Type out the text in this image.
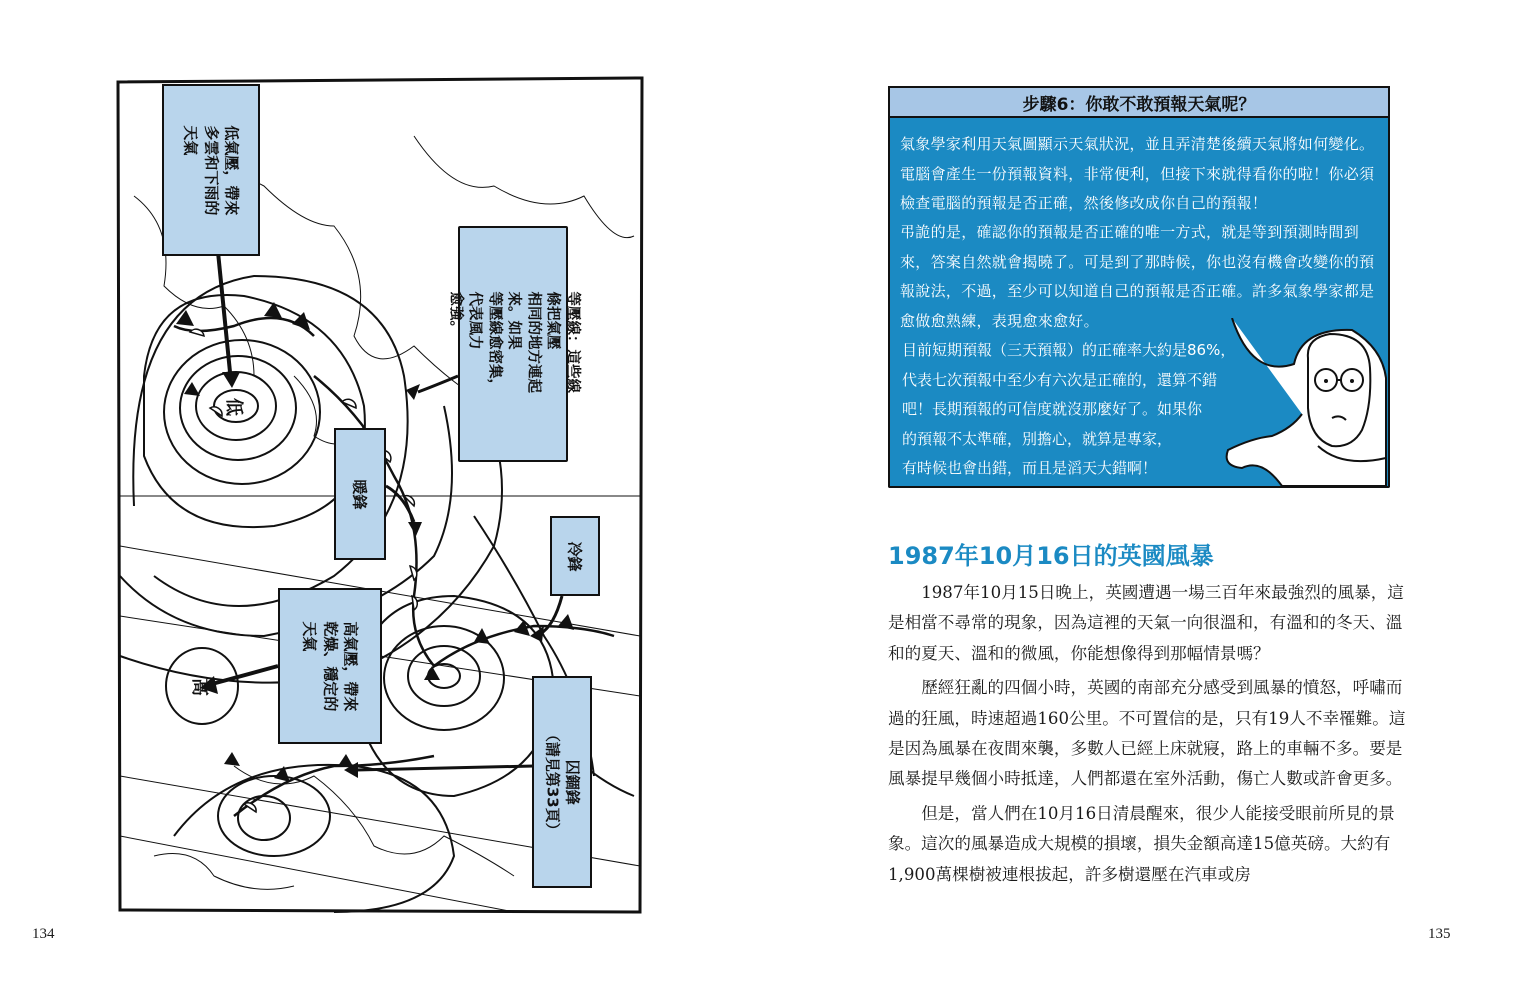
低氣壓，帶來
多雲和下雨的
天氣
等壓線：這些線條把氣壓
相同的地方連起來。如果
等壓線愈密集，代表風力
愈強。
暖鋒
冷鋒
高氣壓，帶來
乾燥、穩定的
天氣
囚錮鋒
（請見第33頁）
低
高
134
步驟6：你敢不敢預報天氣呢？
氣象學家利用天氣圖顯示天氣狀況，並且弄清楚後續天氣將如何變化。電腦會產生一份預報資料，非常便利，但接下來就得看你的啦！你必須檢查電腦的預報是否正確，然後修改成你自己的預報！
弔詭的是，確認你的預報是否正確的唯一方式，就是等到預測時間到來，答案自然就會揭曉了。可是到了那時候，你也沒有機會改變你的預報說法，不過，至少可以知道自己的預報是否正確。許多氣象學家都是愈做愈熟練，表現愈來愈好。
目前短期預報（三天預報）的正確率大約是86%，
代表七次預報中至少有六次是正確的，還算不錯
吧！長期預報的可信度就沒那麼好了。如果你
的預報不太準確，別擔心，就算是專家，
有時候也會出錯，而且是滔天大錯啊！
1987年10月16日的英國風暴

1987年10月15日晚上，英國遭遇一場三百年來最強烈的風暴，這是相當不尋常的現象，因為這裡的天氣一向很溫和，有溫和的冬天、溫和的夏天、溫和的微風，你能想像得到那幅情景嗎？

歷經狂亂的四個小時，英國的南部充分感受到風暴的憤怒，呼嘯而過的狂風，時速超過160公里。不可置信的是，只有19人不幸罹難。這是因為風暴在夜間來襲，多數人已經上床就寢，路上的車輛不多。要是風暴提早幾個小時抵達，人們都還在室外活動，傷亡人數或許會更多。

但是，當人們在10月16日清晨醒來，很少人能接受眼前所見的景象。這次的風暴造成大規模的損壞，損失金額高達15億英磅。大約有1,900萬棵樹被連根拔起，許多樹還壓在汽車或房

135
